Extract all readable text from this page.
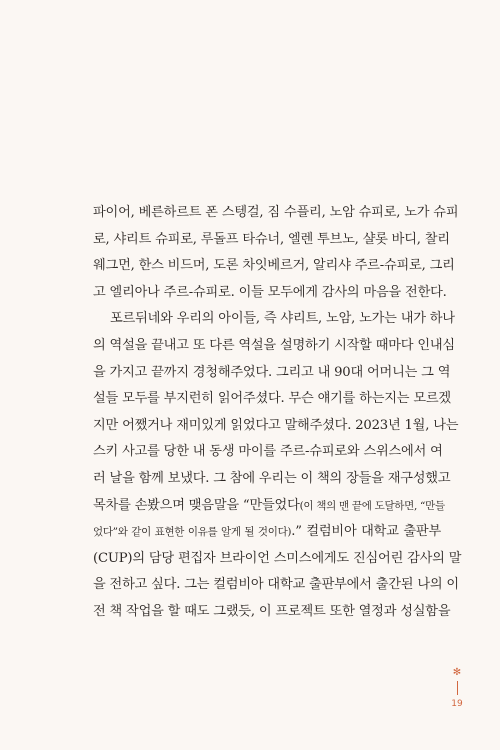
파이어, 베른하르트 폰 스텡걸, 짐 수플리, 노암 슈피로, 노가 슈피
로, 샤리트 슈피로, 루돌프 타슈너, 엘렌 투브노, 샬롯 바디, 찰리
웨그먼, 한스 비드머, 도론 차잇베르거, 알리샤 주르-슈피로, 그리
고 엘리아나 주르-슈피로. 이들 모두에게 감사의 마음을 전한다.
포르뒤네와 우리의 아이들, 즉 샤리트, 노암, 노가는 내가 하나
의 역설을 끝내고 또 다른 역설을 설명하기 시작할 때마다 인내심
을 가지고 끝까지 경청해주었다. 그리고 내 90대 어머니는 그 역
설들 모두를 부지런히 읽어주셨다. 무슨 얘기를 하는지는 모르겠
지만 어쨌거나 재미있게 읽었다고 말해주셨다. 2023년 1월, 나는
스키 사고를 당한 내 동생 마이를 주르-슈피로와 스위스에서 여
러 날을 함께 보냈다. 그 참에 우리는 이 책의 장들을 재구성했고
목차를 손봤으며 맺음말을 “만들었다(이 책의 맨 끝에 도달하면, “만들
었다”와 같이 표현한 이유를 알게 될 것이다).” 컬럼비아 대학교 출판부
(CUP)의 담당 편집자 브라이언 스미스에게도 진심어린 감사의 말
을 전하고 싶다. 그는 컬럼비아 대학교 출판부에서 출간된 나의 이
전 책 작업을 할 때도 그랬듯, 이 프로젝트 또한 열정과 성실함을
✻
19
